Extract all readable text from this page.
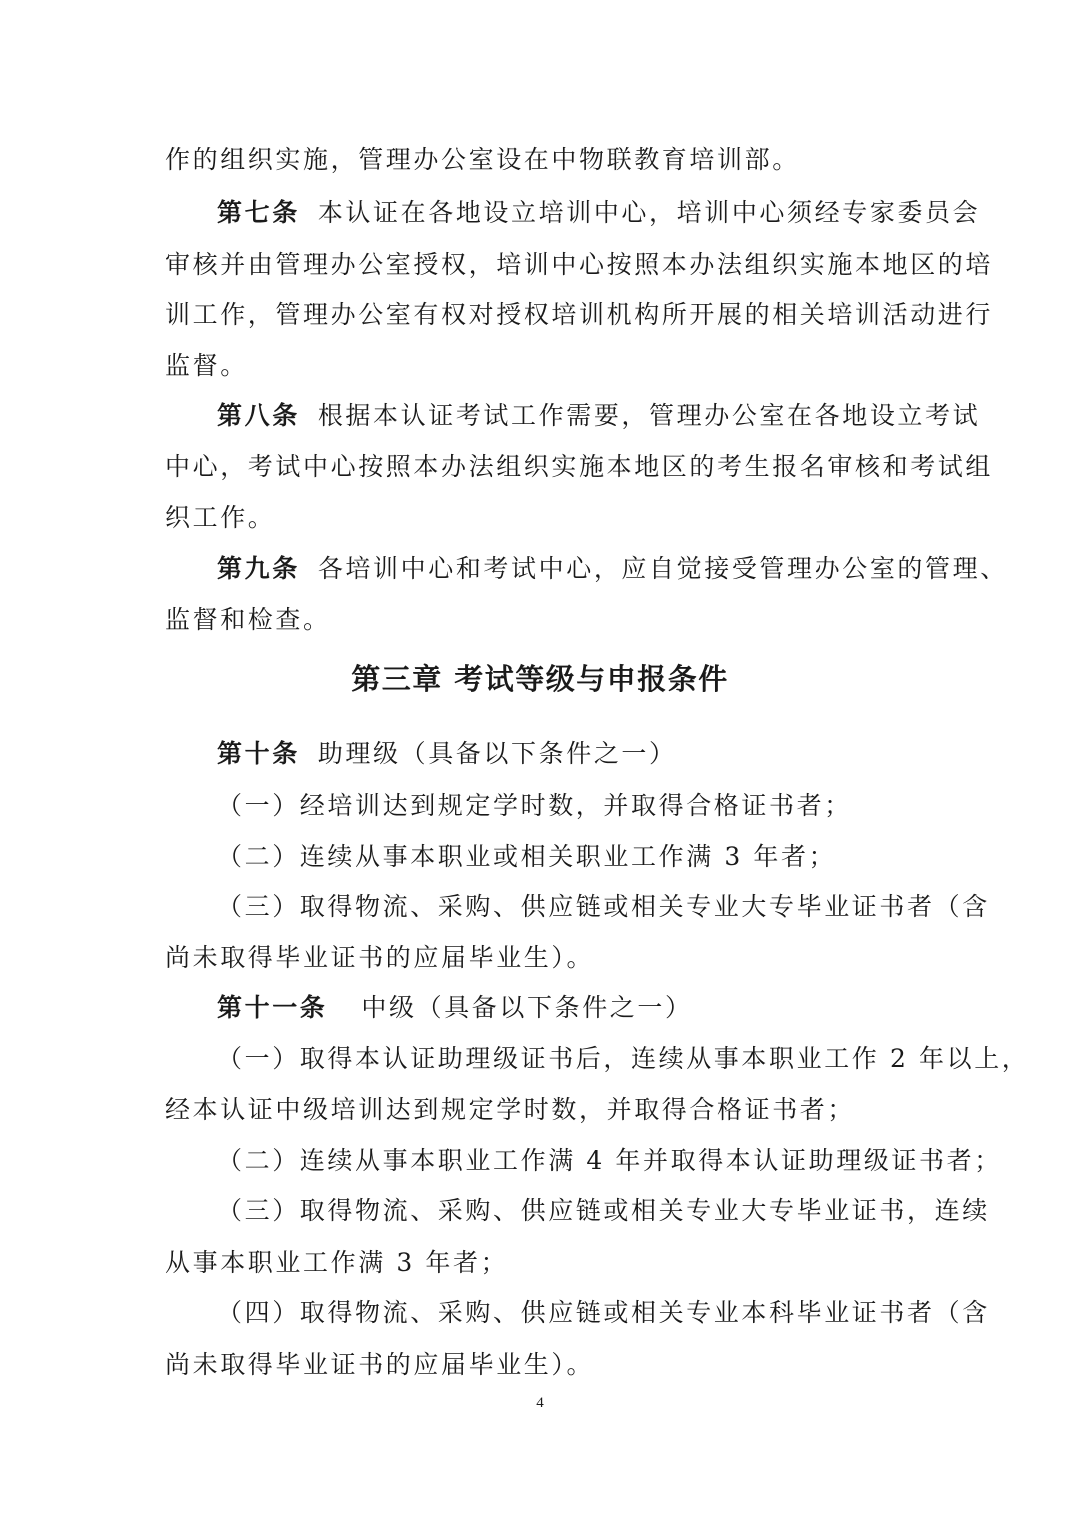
作的组织实施，管理办公室设在中物联教育培训部。
第七条 本认证在各地设立培训中心，培训中心须经专家委员会
审核并由管理办公室授权，培训中心按照本办法组织实施本地区的培
训工作，管理办公室有权对授权培训机构所开展的相关培训活动进行
监督。
第八条 根据本认证考试工作需要，管理办公室在各地设立考试
中心，考试中心按照本办法组织实施本地区的考生报名审核和考试组
织工作。
第九条 各培训中心和考试中心，应自觉接受管理办公室的管理、
监督和检查。
第三章 考试等级与申报条件
第十条 助理级（具备以下条件之一）
（一）经培训达到规定学时数，并取得合格证书者；
（二）连续从事本职业或相关职业工作满 3 年者；
（三）取得物流、采购、供应链或相关专业大专毕业证书者（含
尚未取得毕业证书的应届毕业生）。
第十一条 中级（具备以下条件之一）
（一）取得本认证助理级证书后，连续从事本职业工作 2 年以上，
经本认证中级培训达到规定学时数，并取得合格证书者；
（二）连续从事本职业工作满 4 年并取得本认证助理级证书者；
（三）取得物流、采购、供应链或相关专业大专毕业证书，连续
从事本职业工作满 3 年者；
（四）取得物流、采购、供应链或相关专业本科毕业证书者（含
尚未取得毕业证书的应届毕业生）。
4
